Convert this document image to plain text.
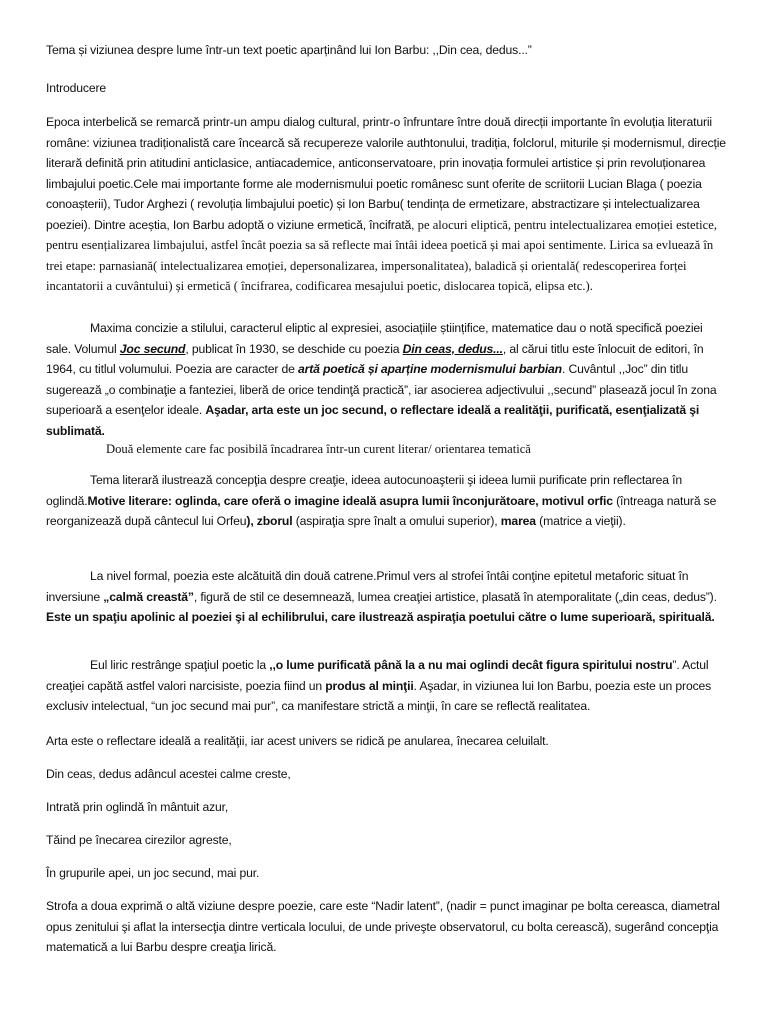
Tema și viziunea despre lume într-un text poetic aparținând lui Ion Barbu: ,,Din cea, dedus...”

Introducere

Epoca interbelică se remarcă printr-un ampu dialog cultural, printr-o înfruntare între două direcții importante în evoluția literaturii române: viziunea tradiționalistă care încearcă să recupereze valorile authtonului, tradiția, folclorul, miturile și modernismul, direcție literară definită prin atitudini anticlasice, antiacademice, anticonservatoare, prin inovația formulei artistice și prin revoluționarea limbajului poetic.Cele mai importante forme ale modernismului poetic românesc sunt oferite de scriitorii Lucian Blaga ( poezia conoașterii), Tudor Arghezi ( revoluția limbajului poetic) și Ion Barbu( tendința de ermetizare, abstractizare și intelectualizarea poeziei). Dintre aceștia, Ion Barbu adoptă o viziune ermetică, încifrată, pe alocuri eliptică, pentru intelectualizarea emoției estetice, pentru esențializarea limbajului, astfel încât poezia sa să reflecte mai întâi ideea poetică și mai apoi sentimente. Lirica sa evluează în trei etape: parnasiană( intelectualizarea emoției, depersonalizarea, impersonalitatea), baladică și orientală( redescoperirea forței incantatorii a cuvântului) și ermetică ( încifrarea, codificarea mesajului poetic, dislocarea topică, elipsa etc.).

Maxima concizie a stilului, caracterul eliptic al expresiei, asociațiile științifice, matematice dau o notă specifică poeziei sale. Volumul Joc secund, publicat în 1930, se deschide cu poezia Din ceas, dedus..., al cărui titlu este înlocuit de editori, în 1964, cu titlul volumului. Poezia are caracter de artă poetică și aparține modernismului barbian. Cuvântul ,,Joc” din titlu sugerează „o combinaţie a fanteziei, liberă de orice tendinţă practică”, iar asocierea adjectivului ,,secund” plasează jocul în zona superioară a esenţelor ideale. Aşadar, arta este un joc secund, o reflectare ideală a realităţii, purificată, esenţializată şi sublimată.

Două elemente care fac posibilă încadrarea într-un curent literar/ orientarea tematică

Tema literară ilustrează concepţia despre creaţie, ideea autocunoaşterii şi ideea lumii purificate prin reflectarea în oglindă.Motive literare: oglinda, care oferă o imagine ideală asupra lumii înconjurătoare, motivul orfic (întreaga natură se reorganizează după cântecul lui Orfeu), zborul (aspiraţia spre înalt a omului superior), marea (matrice a vieţii).

La nivel formal, poezia este alcătuită din două catrene.Primul vers al strofei întâi conţine epitetul metaforic situat în inversiune „calmă creastă”, figură de stil ce desemnează, lumea creaţiei artistice, plasată în atemporalitate („din ceas, dedus”). Este un spaţiu apolinic al poeziei şi al echilibrului, care ilustrează aspiraţia poetului către o lume superioară, spirituală.

Eul liric restrânge spaţiul poetic la ,,o lume purificată până la a nu mai oglindi decât figura spiritului nostru”. Actul creaţiei capătă astfel valori narcisiste, poezia fiind un produs al minţii. Aşadar, in viziunea lui Ion Barbu, poezia este un proces exclusiv intelectual, “un joc secund mai pur”, ca manifestare strictă a minţii, în care se reflectă realitatea.

Arta este o reflectare ideală a realităţii, iar acest univers se ridică pe anularea, înecarea celuilalt.

Din ceas, dedus adâncul acestei calme creste,

Intrată prin oglindă în mântuit azur,

Tăind pe înecarea cirezilor agreste,

În grupurile apei, un joc secund, mai pur.

Strofa a doua exprimă o altă viziune despre poezie, care este “Nadir latent”, (nadir = punct imaginar pe bolta cereasca, diametral opus zenitului şi aflat la intersecţia dintre verticala locului, de unde priveşte observatorul, cu bolta cerească), sugerând concepţia matematică a lui Barbu despre creaţia lirică.
